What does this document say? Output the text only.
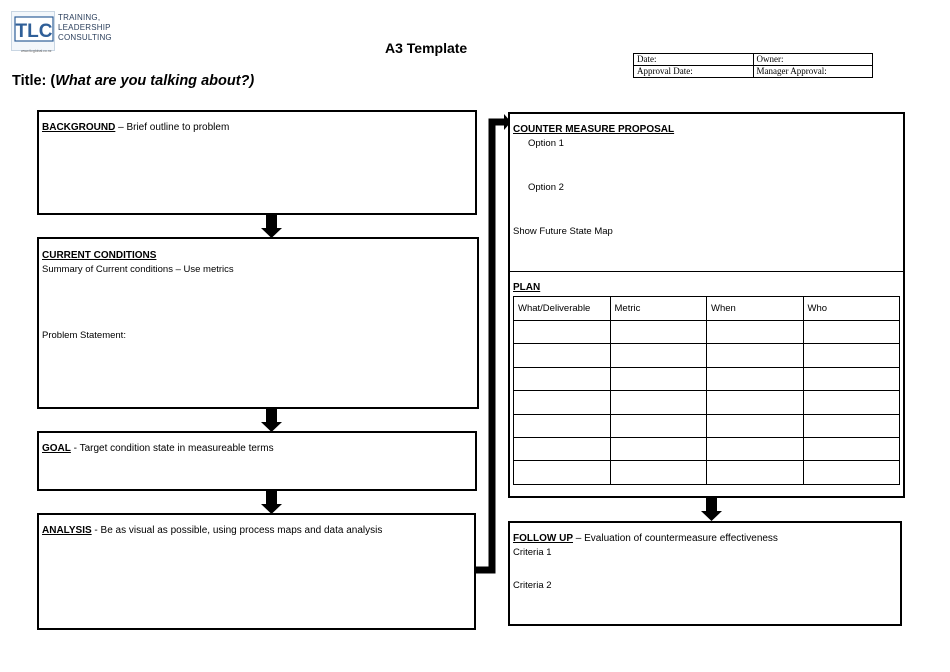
TLC
TRAINING,
LEADERSHIP
CONSULTING
www.tlcglobal.co.nz	A3 Template
Title: (What are you talking about?)
Date:	Owner:
Approval Date:	Manager Approval:
BACKGROUND – Brief outline to problem
CURRENT CONDITIONS
Summary of Current conditions – Use metrics
Problem Statement:
GOAL - Target condition state in measureable terms
ANALYSIS - Be as visual as possible, using process maps and data analysis
COUNTER MEASURE PROPOSAL
Option 1
Option 2
Show Future State Map
PLAN
What/Deliverable	Metric	When	Who

FOLLOW UP – Evaluation of countermeasure effectiveness
Criteria 1
Criteria 2
